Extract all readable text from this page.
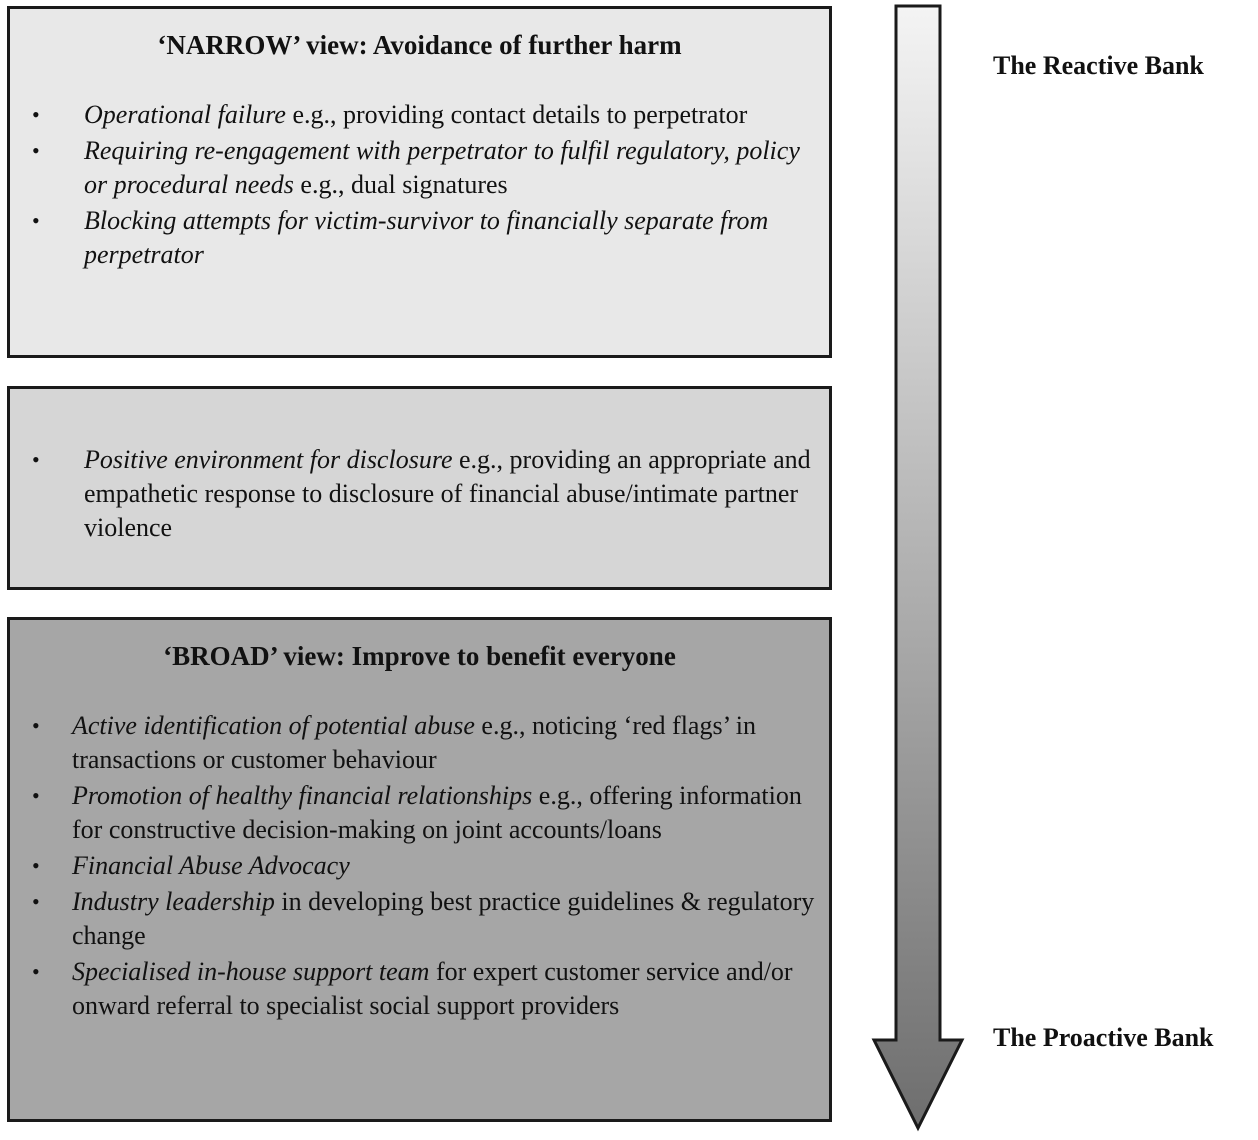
‘NARROW’ view: Avoidance of further harm
• Operational failure e.g., providing contact details to perpetrator
• Requiring re-engagement with perpetrator to fulfil regulatory, policy or procedural needs e.g., dual signatures
• Blocking attempts for victim-survivor to financially separate from perpetrator
• Positive environment for disclosure e.g., providing an appropriate and empathetic response to disclosure of financial abuse/intimate partner violence
‘BROAD’ view: Improve to benefit everyone
• Active identification of potential abuse e.g., noticing ‘red flags’ in transactions or customer behaviour
• Promotion of healthy financial relationships e.g., offering information for constructive decision-making on joint accounts/loans
• Financial Abuse Advocacy
• Industry leadership in developing best practice guidelines & regulatory change
• Specialised in-house support team for expert customer service and/or onward referral to specialist social support providers
The Reactive Bank
The Proactive Bank
